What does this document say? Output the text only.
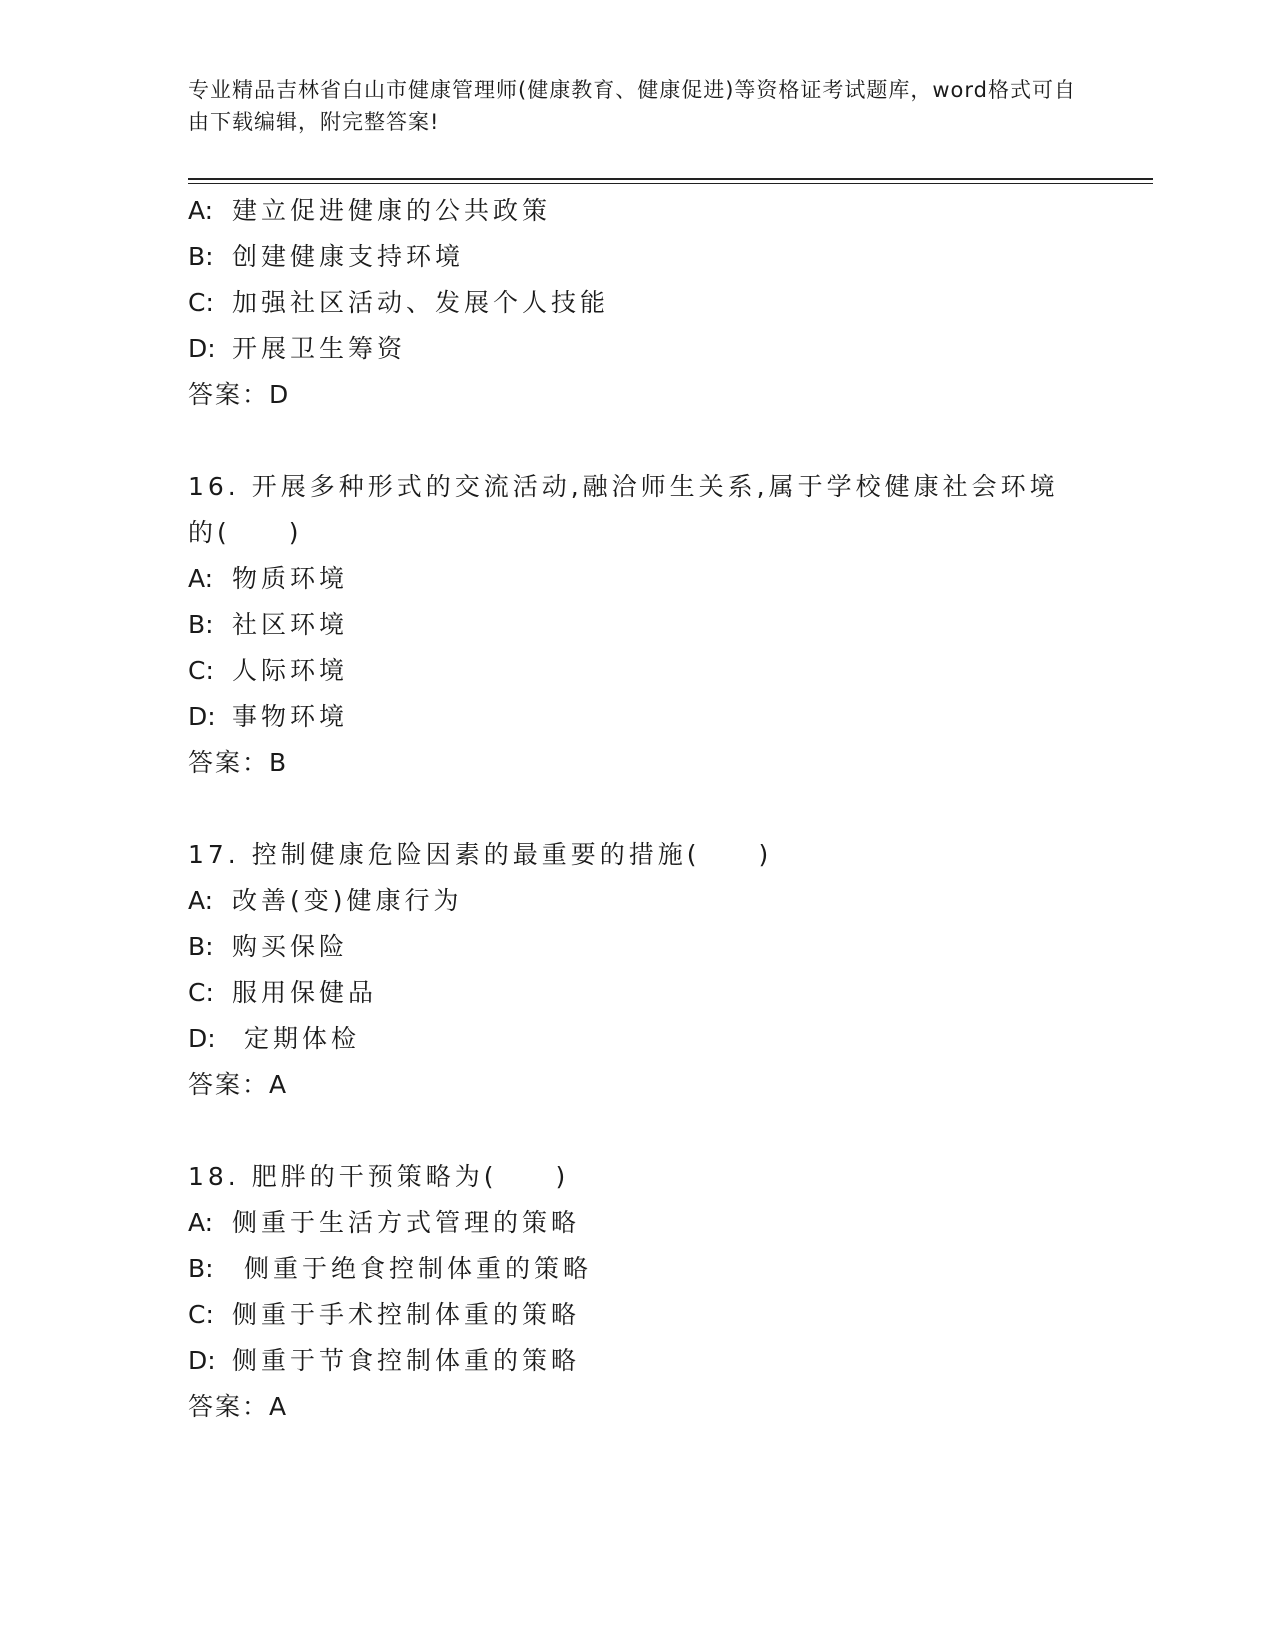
专业精品吉林省白山市健康管理师(健康教育、健康促进)等资格证考试题库，word格式可自由下载编辑，附完整答案!
A: 建立促进健康的公共政策
B: 创建健康支持环境
C: 加强社区活动、发展个人技能
D: 开展卫生筹资
答案：D
16. 开展多种形式的交流活动,融洽师生关系,属于学校健康社会环境的(　　)
A: 物质环境
B: 社区环境
C: 人际环境
D: 事物环境
答案：B
17. 控制健康危险因素的最重要的措施(　　)
A: 改善(变)健康行为
B: 购买保险
C: 服用保健品
D: 定期体检
答案：A
18. 肥胖的干预策略为(　　)
A: 侧重于生活方式管理的策略
B: 侧重于绝食控制体重的策略
C: 侧重于手术控制体重的策略
D: 侧重于节食控制体重的策略
答案：A
